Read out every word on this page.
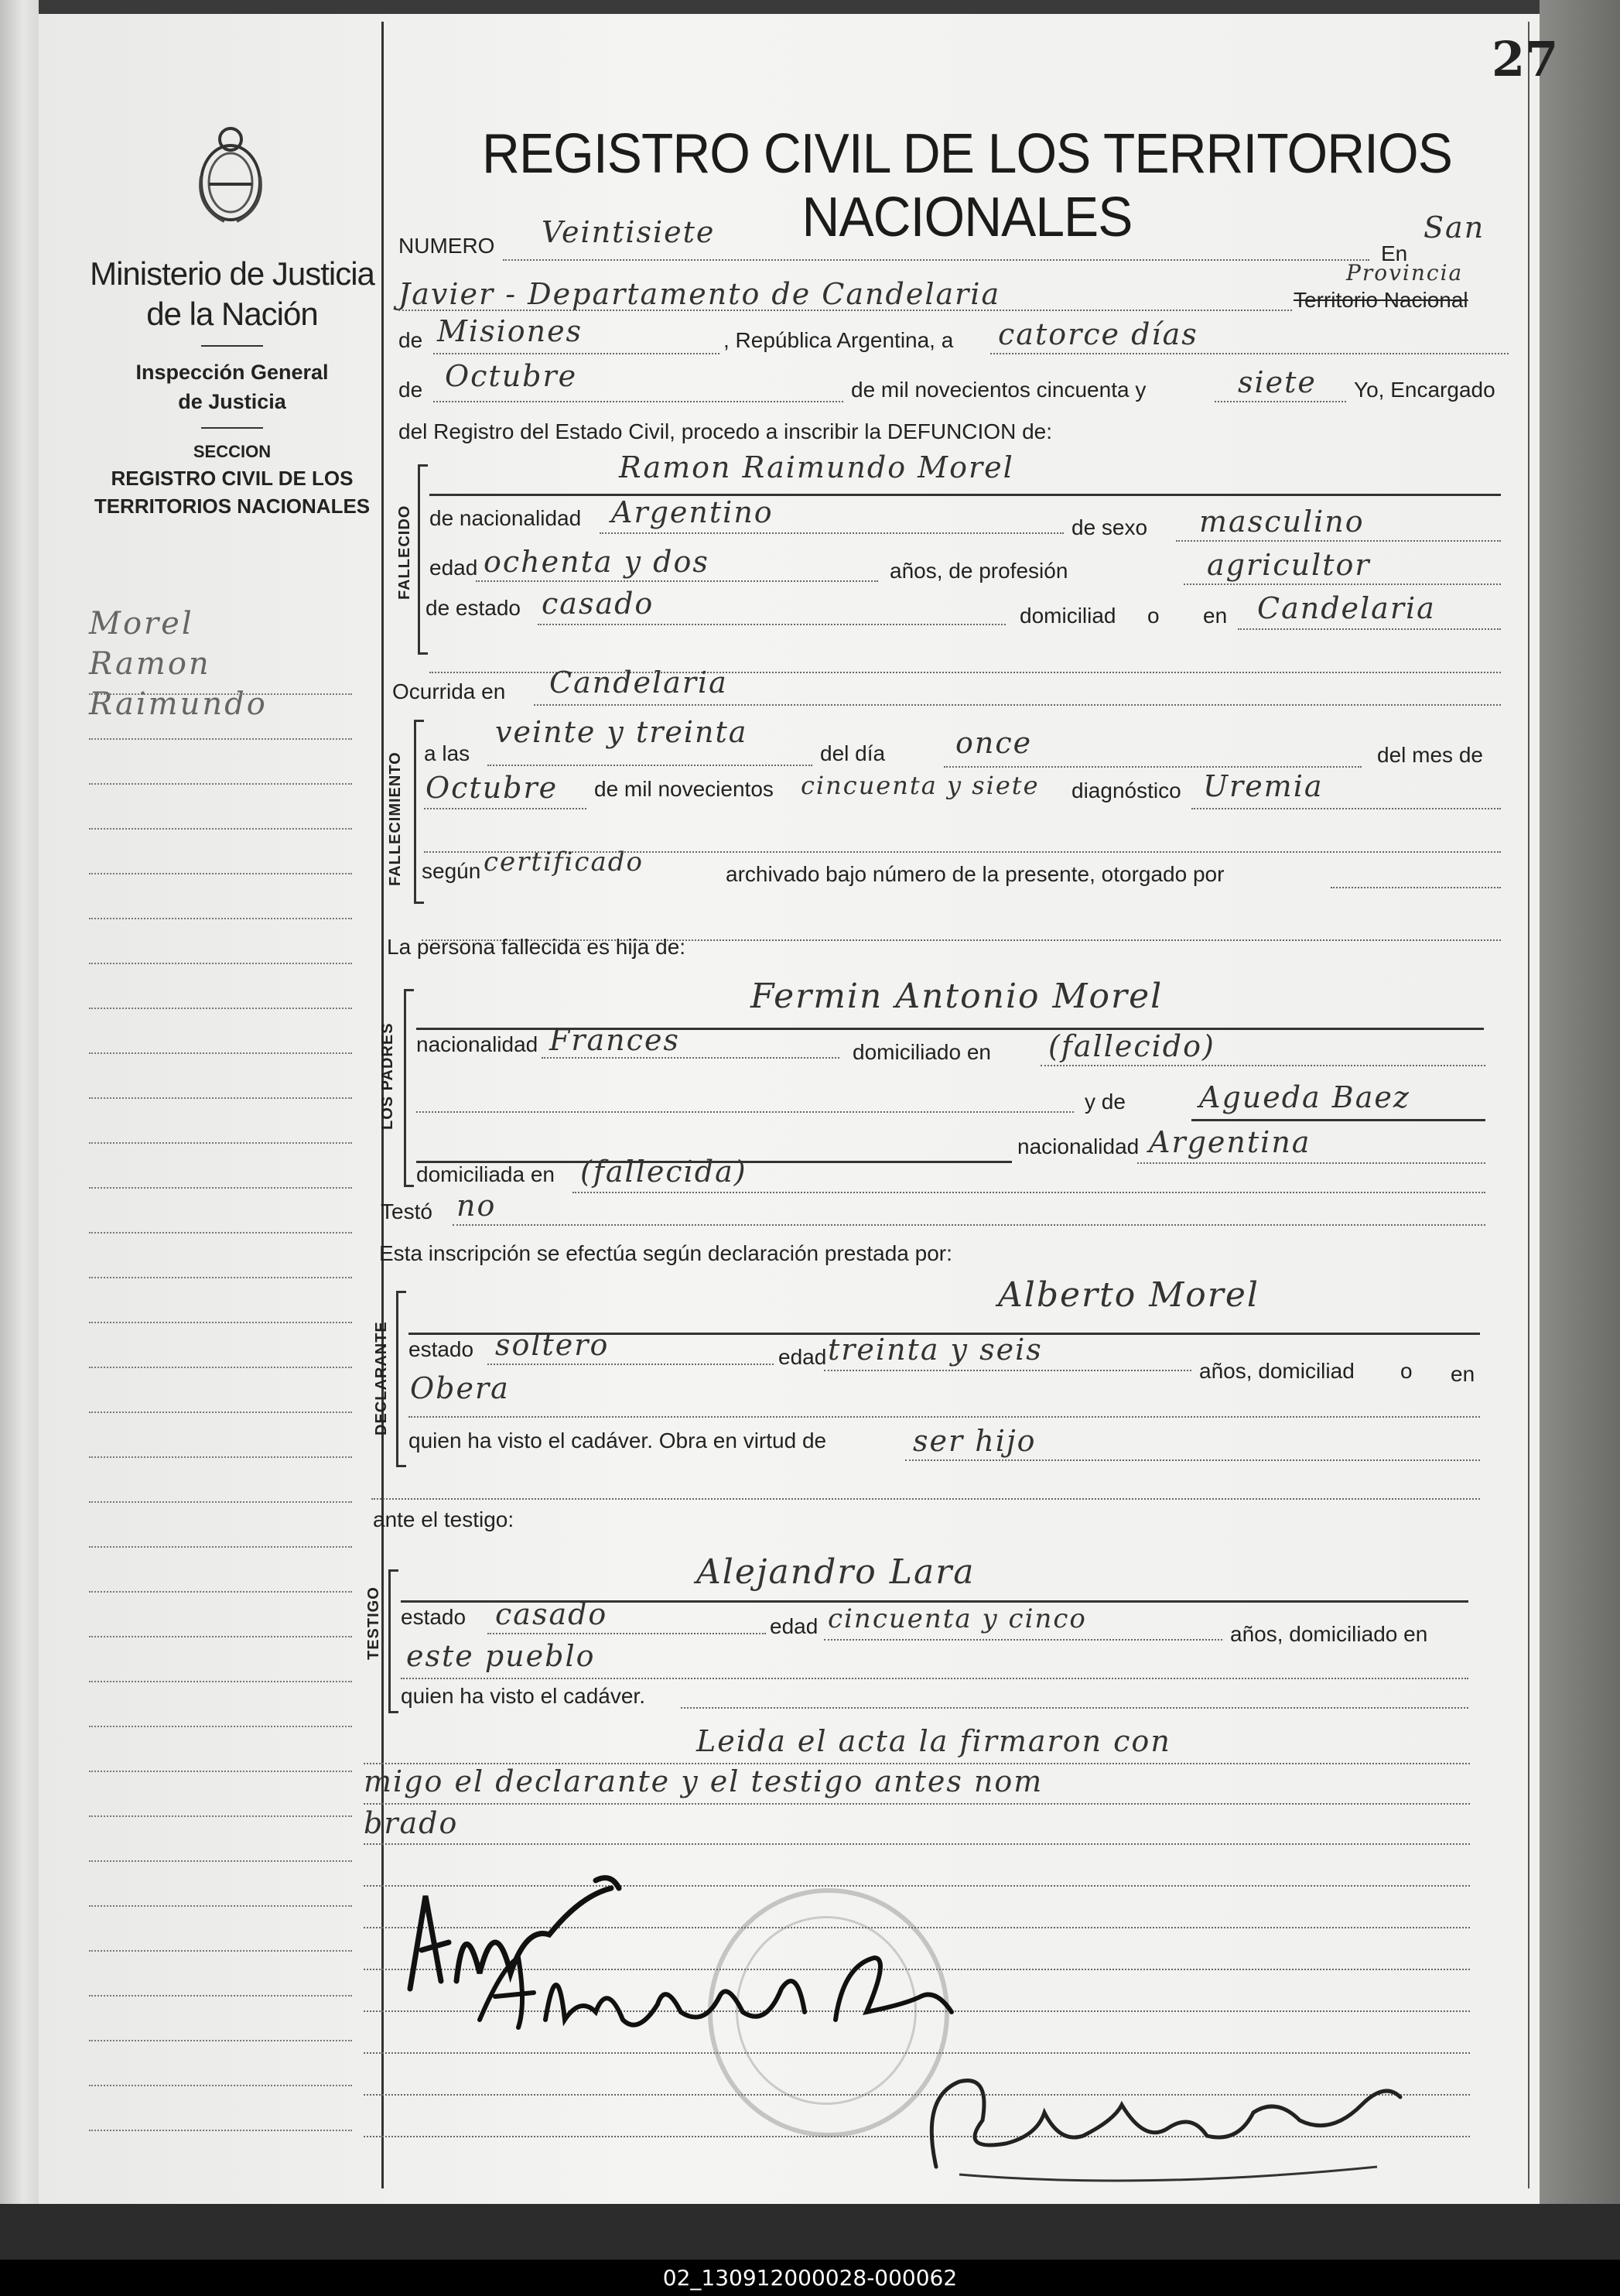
27
Ministerio de Justicia
de la Nación
Inspección General
de Justicia
SECCION
REGISTRO CIVIL DE LOS
TERRITORIOS NACIONALES
Morel
Ramon
Raimundo
REGISTRO CIVIL DE LOS TERRITORIOS NACIONALES
NUMERO Veintisiete
En
San
Javier - Departamento de Candelaria
Provincia
Territorio Nacional
de Misiones	, República Argentina, a catorce días
de Octubre	de mil novecientos cincuenta y	siete Yo, Encargado
del Registro del Estado Civil, procedo a inscribir la DEFUNCION de:
FALLECIDO
Ramon Raimundo Morel
de nacionalidad Argentino	de sexo masculino
edad ochenta y dos	años, de profesión	agricultor
de estado casado	domiciliad o en Candelaria
Ocurrida en Candelaria
FALLECIMIENTO a las
veinte y treinta
del día once	del mes de
Octubre de mil novecientos cincuenta y siete diagnóstico Uremia
según certificado	archivado bajo número de la presente, otorgado por
La persona fallecida es hija de:
LOS PADRES
Fermin Antonio Morel
nacionalidad Frances	domiciliado en (fallecido)
y de	Agueda Baez
nacionalidad Argentina
domiciliada en (fallecida)
Testó no
Esta inscripción se efectúa según declaración prestada por:
DECLARANTE
Alberto Morel
estado soltero	edad treinta y seis
años, domiciliad o en
Obera
quien ha visto el cadáver. Obra en virtud de	ser hijo
ante el testigo:
TESTIGO
Alejandro Lara
estado casado	edad cincuenta y cinco	años, domiciliado en
este pueblo
quien ha visto el cadáver.
Leida el acta la firmaron con
migo el declarante y el testigo antes nom
brado
02_130912000028-000062
